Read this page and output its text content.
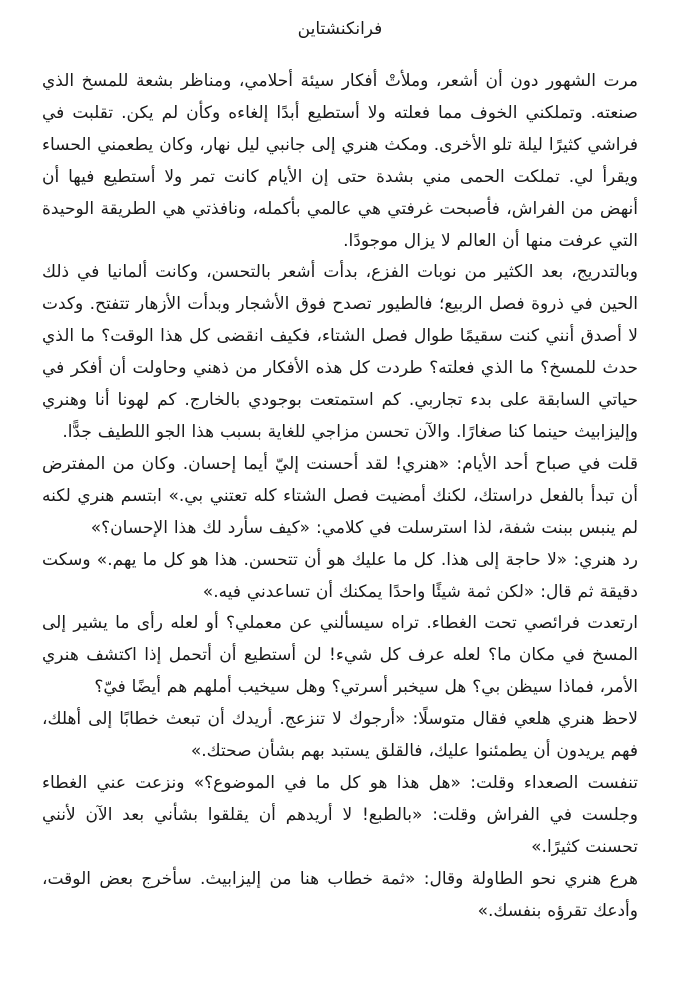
فرانكنشتاين

مرت الشهور دون أن أشعر، وملأتْ أفكار سيئة أحلامي، ومناظر بشعة للمسخ الذي صنعته. وتملكني الخوف مما فعلته ولا أستطيع أبدًا إلغاءه وكأن لم يكن. تقلبت في فراشي كثيرًا ليلة تلو الأخرى. ومكث هنري إلى جانبي ليل نهار، وكان يطعمني الحساء ويقرأ لي. تملكت الحمى مني بشدة حتى إن الأيام كانت تمر ولا أستطيع فيها أن أنهض من الفراش، فأصبحت غرفتي هي عالمي بأكمله، ونافذتي هي الطريقة الوحيدة التي عرفت منها أن العالم لا يزال موجودًا.

وبالتدريج، بعد الكثير من نوبات الفزع، بدأت أشعر بالتحسن، وكانت ألمانيا في ذلك الحين في ذروة فصل الربيع؛ فالطيور تصدح فوق الأشجار وبدأت الأزهار تتفتح. وكدت لا أصدق أنني كنت سقيمًا طوال فصل الشتاء، فكيف انقضى كل هذا الوقت؟ ما الذي حدث للمسخ؟ ما الذي فعلته؟ طردت كل هذه الأفكار من ذهني وحاولت أن أفكر في حياتي السابقة على بدء تجاربي. كم استمتعت بوجودي بالخارج. كم لهونا أنا وهنري وإليزابيث حينما كنا صغارًا. والآن تحسن مزاجي للغاية بسبب هذا الجو اللطيف جدًّا.

قلت في صباح أحد الأيام: «هنري! لقد أحسنت إليّ أيما إحسان. وكان من المفترض أن تبدأ بالفعل دراستك، لكنك أمضيت فصل الشتاء كله تعتني بي.» ابتسم هنري لكنه لم ينبس ببنت شفة، لذا استرسلت في كلامي: «كيف سأرد لك هذا الإحسان؟»

رد هنري: «لا حاجة إلى هذا. كل ما عليك هو أن تتحسن. هذا هو كل ما يهم.» وسكت دقيقة ثم قال: «لكن ثمة شيئًا واحدًا يمكنك أن تساعدني فيه.»

ارتعدت فرائصي تحت الغطاء. تراه سيسألني عن معملي؟ أو لعله رأى ما يشير إلى المسخ في مكان ما؟ لعله عرف كل شيء! لن أستطيع أن أتحمل إذا اكتشف هنري الأمر، فماذا سيظن بي؟ هل سيخبر أسرتي؟ وهل سيخيب أملهم هم أيضًا فيّ؟

لاحظ هنري هلعي فقال متوسلًا: «أرجوك لا تنزعج. أريدك أن تبعث خطابًا إلى أهلك، فهم يريدون أن يطمئنوا عليك، فالقلق يستبد بهم بشأن صحتك.»

تنفست الصعداء وقلت: «هل هذا هو كل ما في الموضوع؟» ونزعت عني الغطاء وجلست في الفراش وقلت: «بالطبع! لا أريدهم أن يقلقوا بشأني بعد الآن لأنني تحسنت كثيرًا.»

هرع هنري نحو الطاولة وقال: «ثمة خطاب هنا من إليزابيث. سأخرج بعض الوقت، وأدعك تقرؤه بنفسك.»
